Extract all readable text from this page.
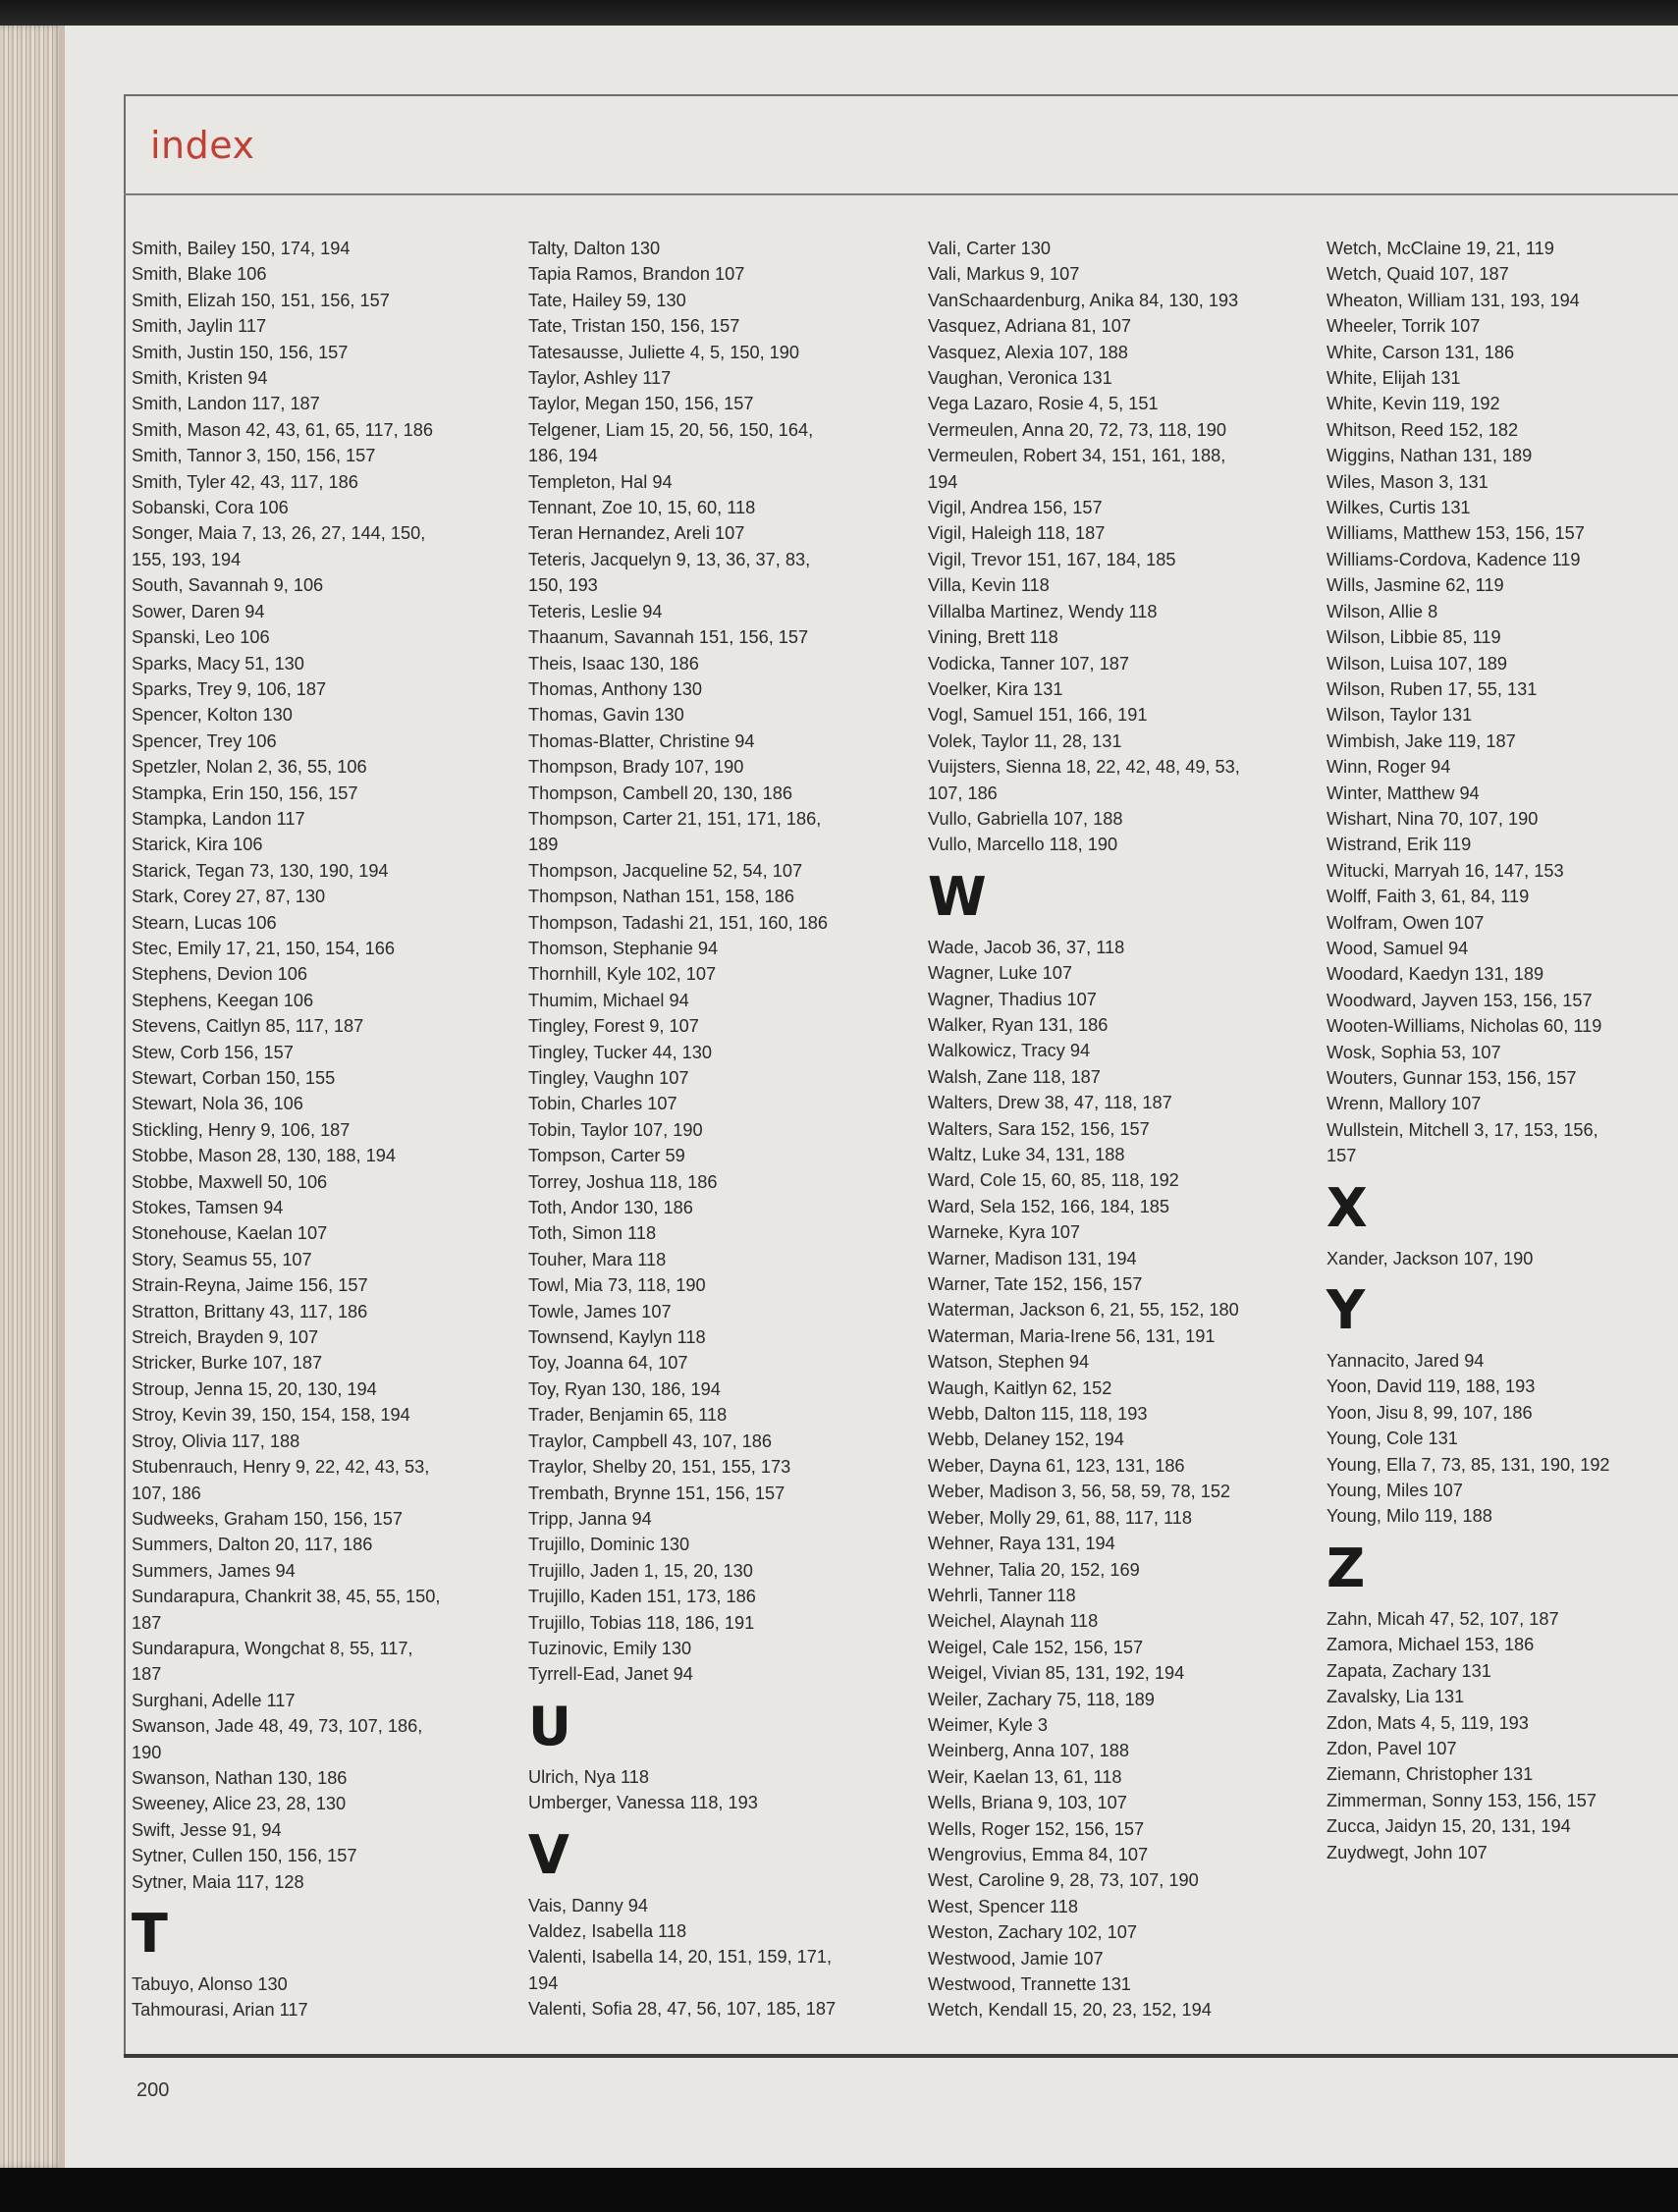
index
Smith, Bailey 150, 174, 194
Smith, Blake 106
Smith, Elizah 150, 151, 156, 157
Smith, Jaylin 117
Smith, Justin 150, 156, 157
Smith, Kristen 94
Smith, Landon 117, 187
Smith, Mason 42, 43, 61, 65, 117, 186
Smith, Tannor 3, 150, 156, 157
Smith, Tyler 42, 43, 117, 186
Sobanski, Cora 106
Songer, Maia 7, 13, 26, 27, 144, 150,
155, 193, 194
South, Savannah 9, 106
Sower, Daren 94
Spanski, Leo 106
Sparks, Macy 51, 130
Sparks, Trey 9, 106, 187
Spencer, Kolton 130
Spencer, Trey 106
Spetzler, Nolan 2, 36, 55, 106
Stampka, Erin 150, 156, 157
Stampka, Landon 117
Starick, Kira 106
Starick, Tegan 73, 130, 190, 194
Stark, Corey 27, 87, 130
Stearn, Lucas 106
Stec, Emily 17, 21, 150, 154, 166
Stephens, Devion 106
Stephens, Keegan 106
Stevens, Caitlyn 85, 117, 187
Stew, Corb 156, 157
Stewart, Corban 150, 155
Stewart, Nola 36, 106
Stickling, Henry 9, 106, 187
Stobbe, Mason 28, 130, 188, 194
Stobbe, Maxwell 50, 106
Stokes, Tamsen 94
Stonehouse, Kaelan 107
Story, Seamus 55, 107
Strain-Reyna, Jaime 156, 157
Stratton, Brittany 43, 117, 186
Streich, Brayden 9, 107
Stricker, Burke 107, 187
Stroup, Jenna 15, 20, 130, 194
Stroy, Kevin 39, 150, 154, 158, 194
Stroy, Olivia 117, 188
Stubenrauch, Henry 9, 22, 42, 43, 53,
107, 186
Sudweeks, Graham 150, 156, 157
Summers, Dalton 20, 117, 186
Summers, James 94
Sundarapura, Chankrit 38, 45, 55, 150,
187
Sundarapura, Wongchat 8, 55, 117,
187
Surghani, Adelle 117
Swanson, Jade 48, 49, 73, 107, 186,
190
Swanson, Nathan 130, 186
Sweeney, Alice 23, 28, 130
Swift, Jesse 91, 94
Sytner, Cullen 150, 156, 157
Sytner, Maia 117, 128
T
Tabuyo, Alonso 130
Tahmourasi, Arian 117
Talty, Dalton 130
Tapia Ramos, Brandon 107
Tate, Hailey 59, 130
Tate, Tristan 150, 156, 157
Tatesausse, Juliette 4, 5, 150, 190
Taylor, Ashley 117
Taylor, Megan 150, 156, 157
Telgener, Liam 15, 20, 56, 150, 164,
186, 194
Templeton, Hal 94
Tennant, Zoe 10, 15, 60, 118
Teran Hernandez, Areli 107
Teteris, Jacquelyn 9, 13, 36, 37, 83,
150, 193
Teteris, Leslie 94
Thaanum, Savannah 151, 156, 157
Theis, Isaac 130, 186
Thomas, Anthony 130
Thomas, Gavin 130
Thomas-Blatter, Christine 94
Thompson, Brady 107, 190
Thompson, Cambell 20, 130, 186
Thompson, Carter 21, 151, 171, 186,
189
Thompson, Jacqueline 52, 54, 107
Thompson, Nathan 151, 158, 186
Thompson, Tadashi 21, 151, 160, 186
Thomson, Stephanie 94
Thornhill, Kyle 102, 107
Thumim, Michael 94
Tingley, Forest 9, 107
Tingley, Tucker 44, 130
Tingley, Vaughn 107
Tobin, Charles 107
Tobin, Taylor 107, 190
Tompson, Carter 59
Torrey, Joshua 118, 186
Toth, Andor 130, 186
Toth, Simon 118
Touher, Mara 118
Towl, Mia 73, 118, 190
Towle, James 107
Townsend, Kaylyn 118
Toy, Joanna 64, 107
Toy, Ryan 130, 186, 194
Trader, Benjamin 65, 118
Traylor, Campbell 43, 107, 186
Traylor, Shelby 20, 151, 155, 173
Trembath, Brynne 151, 156, 157
Tripp, Janna 94
Trujillo, Dominic 130
Trujillo, Jaden 1, 15, 20, 130
Trujillo, Kaden 151, 173, 186
Trujillo, Tobias 118, 186, 191
Tuzinovic, Emily 130
Tyrrell-Ead, Janet 94
U
Ulrich, Nya 118
Umberger, Vanessa 118, 193
V
Vais, Danny 94
Valdez, Isabella 118
Valenti, Isabella 14, 20, 151, 159, 171,
194
Valenti, Sofia 28, 47, 56, 107, 185, 187
Vali, Carter 130
Vali, Markus 9, 107
VanSchaardenburg, Anika 84, 130, 193
Vasquez, Adriana 81, 107
Vasquez, Alexia 107, 188
Vaughan, Veronica 131
Vega Lazaro, Rosie 4, 5, 151
Vermeulen, Anna 20, 72, 73, 118, 190
Vermeulen, Robert 34, 151, 161, 188,
194
Vigil, Andrea 156, 157
Vigil, Haleigh 118, 187
Vigil, Trevor 151, 167, 184, 185
Villa, Kevin 118
Villalba Martinez, Wendy 118
Vining, Brett 118
Vodicka, Tanner 107, 187
Voelker, Kira 131
Vogl, Samuel 151, 166, 191
Volek, Taylor 11, 28, 131
Vuijsters, Sienna 18, 22, 42, 48, 49, 53,
107, 186
Vullo, Gabriella 107, 188
Vullo, Marcello 118, 190
W
Wade, Jacob 36, 37, 118
Wagner, Luke 107
Wagner, Thadius 107
Walker, Ryan 131, 186
Walkowicz, Tracy 94
Walsh, Zane 118, 187
Walters, Drew 38, 47, 118, 187
Walters, Sara 152, 156, 157
Waltz, Luke 34, 131, 188
Ward, Cole 15, 60, 85, 118, 192
Ward, Sela 152, 166, 184, 185
Warneke, Kyra 107
Warner, Madison 131, 194
Warner, Tate 152, 156, 157
Waterman, Jackson 6, 21, 55, 152, 180
Waterman, Maria-Irene 56, 131, 191
Watson, Stephen 94
Waugh, Kaitlyn 62, 152
Webb, Dalton 115, 118, 193
Webb, Delaney 152, 194
Weber, Dayna 61, 123, 131, 186
Weber, Madison 3, 56, 58, 59, 78, 152
Weber, Molly 29, 61, 88, 117, 118
Wehner, Raya 131, 194
Wehner, Talia 20, 152, 169
Wehrli, Tanner 118
Weichel, Alaynah 118
Weigel, Cale 152, 156, 157
Weigel, Vivian 85, 131, 192, 194
Weiler, Zachary 75, 118, 189
Weimer, Kyle 3
Weinberg, Anna 107, 188
Weir, Kaelan 13, 61, 118
Wells, Briana 9, 103, 107
Wells, Roger 152, 156, 157
Wengrovius, Emma 84, 107
West, Caroline 9, 28, 73, 107, 190
West, Spencer 118
Weston, Zachary 102, 107
Westwood, Jamie 107
Westwood, Trannette 131
Wetch, Kendall 15, 20, 23, 152, 194
Wetch, McClaine 19, 21, 119
Wetch, Quaid 107, 187
Wheaton, William 131, 193, 194
Wheeler, Torrik 107
White, Carson 131, 186
White, Elijah 131
White, Kevin 119, 192
Whitson, Reed 152, 182
Wiggins, Nathan 131, 189
Wiles, Mason 3, 131
Wilkes, Curtis 131
Williams, Matthew 153, 156, 157
Williams-Cordova, Kadence 119
Wills, Jasmine 62, 119
Wilson, Allie 8
Wilson, Libbie 85, 119
Wilson, Luisa 107, 189
Wilson, Ruben 17, 55, 131
Wilson, Taylor 131
Wimbish, Jake 119, 187
Winn, Roger 94
Winter, Matthew 94
Wishart, Nina 70, 107, 190
Wistrand, Erik 119
Witucki, Marryah 16, 147, 153
Wolff, Faith 3, 61, 84, 119
Wolfram, Owen 107
Wood, Samuel 94
Woodard, Kaedyn 131, 189
Woodward, Jayven 153, 156, 157
Wooten-Williams, Nicholas 60, 119
Wosk, Sophia 53, 107
Wouters, Gunnar 153, 156, 157
Wrenn, Mallory 107
Wullstein, Mitchell 3, 17, 153, 156,
157
X
Xander, Jackson 107, 190
Y
Yannacito, Jared 94
Yoon, David 119, 188, 193
Yoon, Jisu 8, 99, 107, 186
Young, Cole 131
Young, Ella 7, 73, 85, 131, 190, 192
Young, Miles 107
Young, Milo 119, 188
Z
Zahn, Micah 47, 52, 107, 187
Zamora, Michael 153, 186
Zapata, Zachary 131
Zavalsky, Lia 131
Zdon, Mats 4, 5, 119, 193
Zdon, Pavel 107
Ziemann, Christopher 131
Zimmerman, Sonny 153, 156, 157
Zucca, Jaidyn 15, 20, 131, 194
Zuydwegt, John 107
200
